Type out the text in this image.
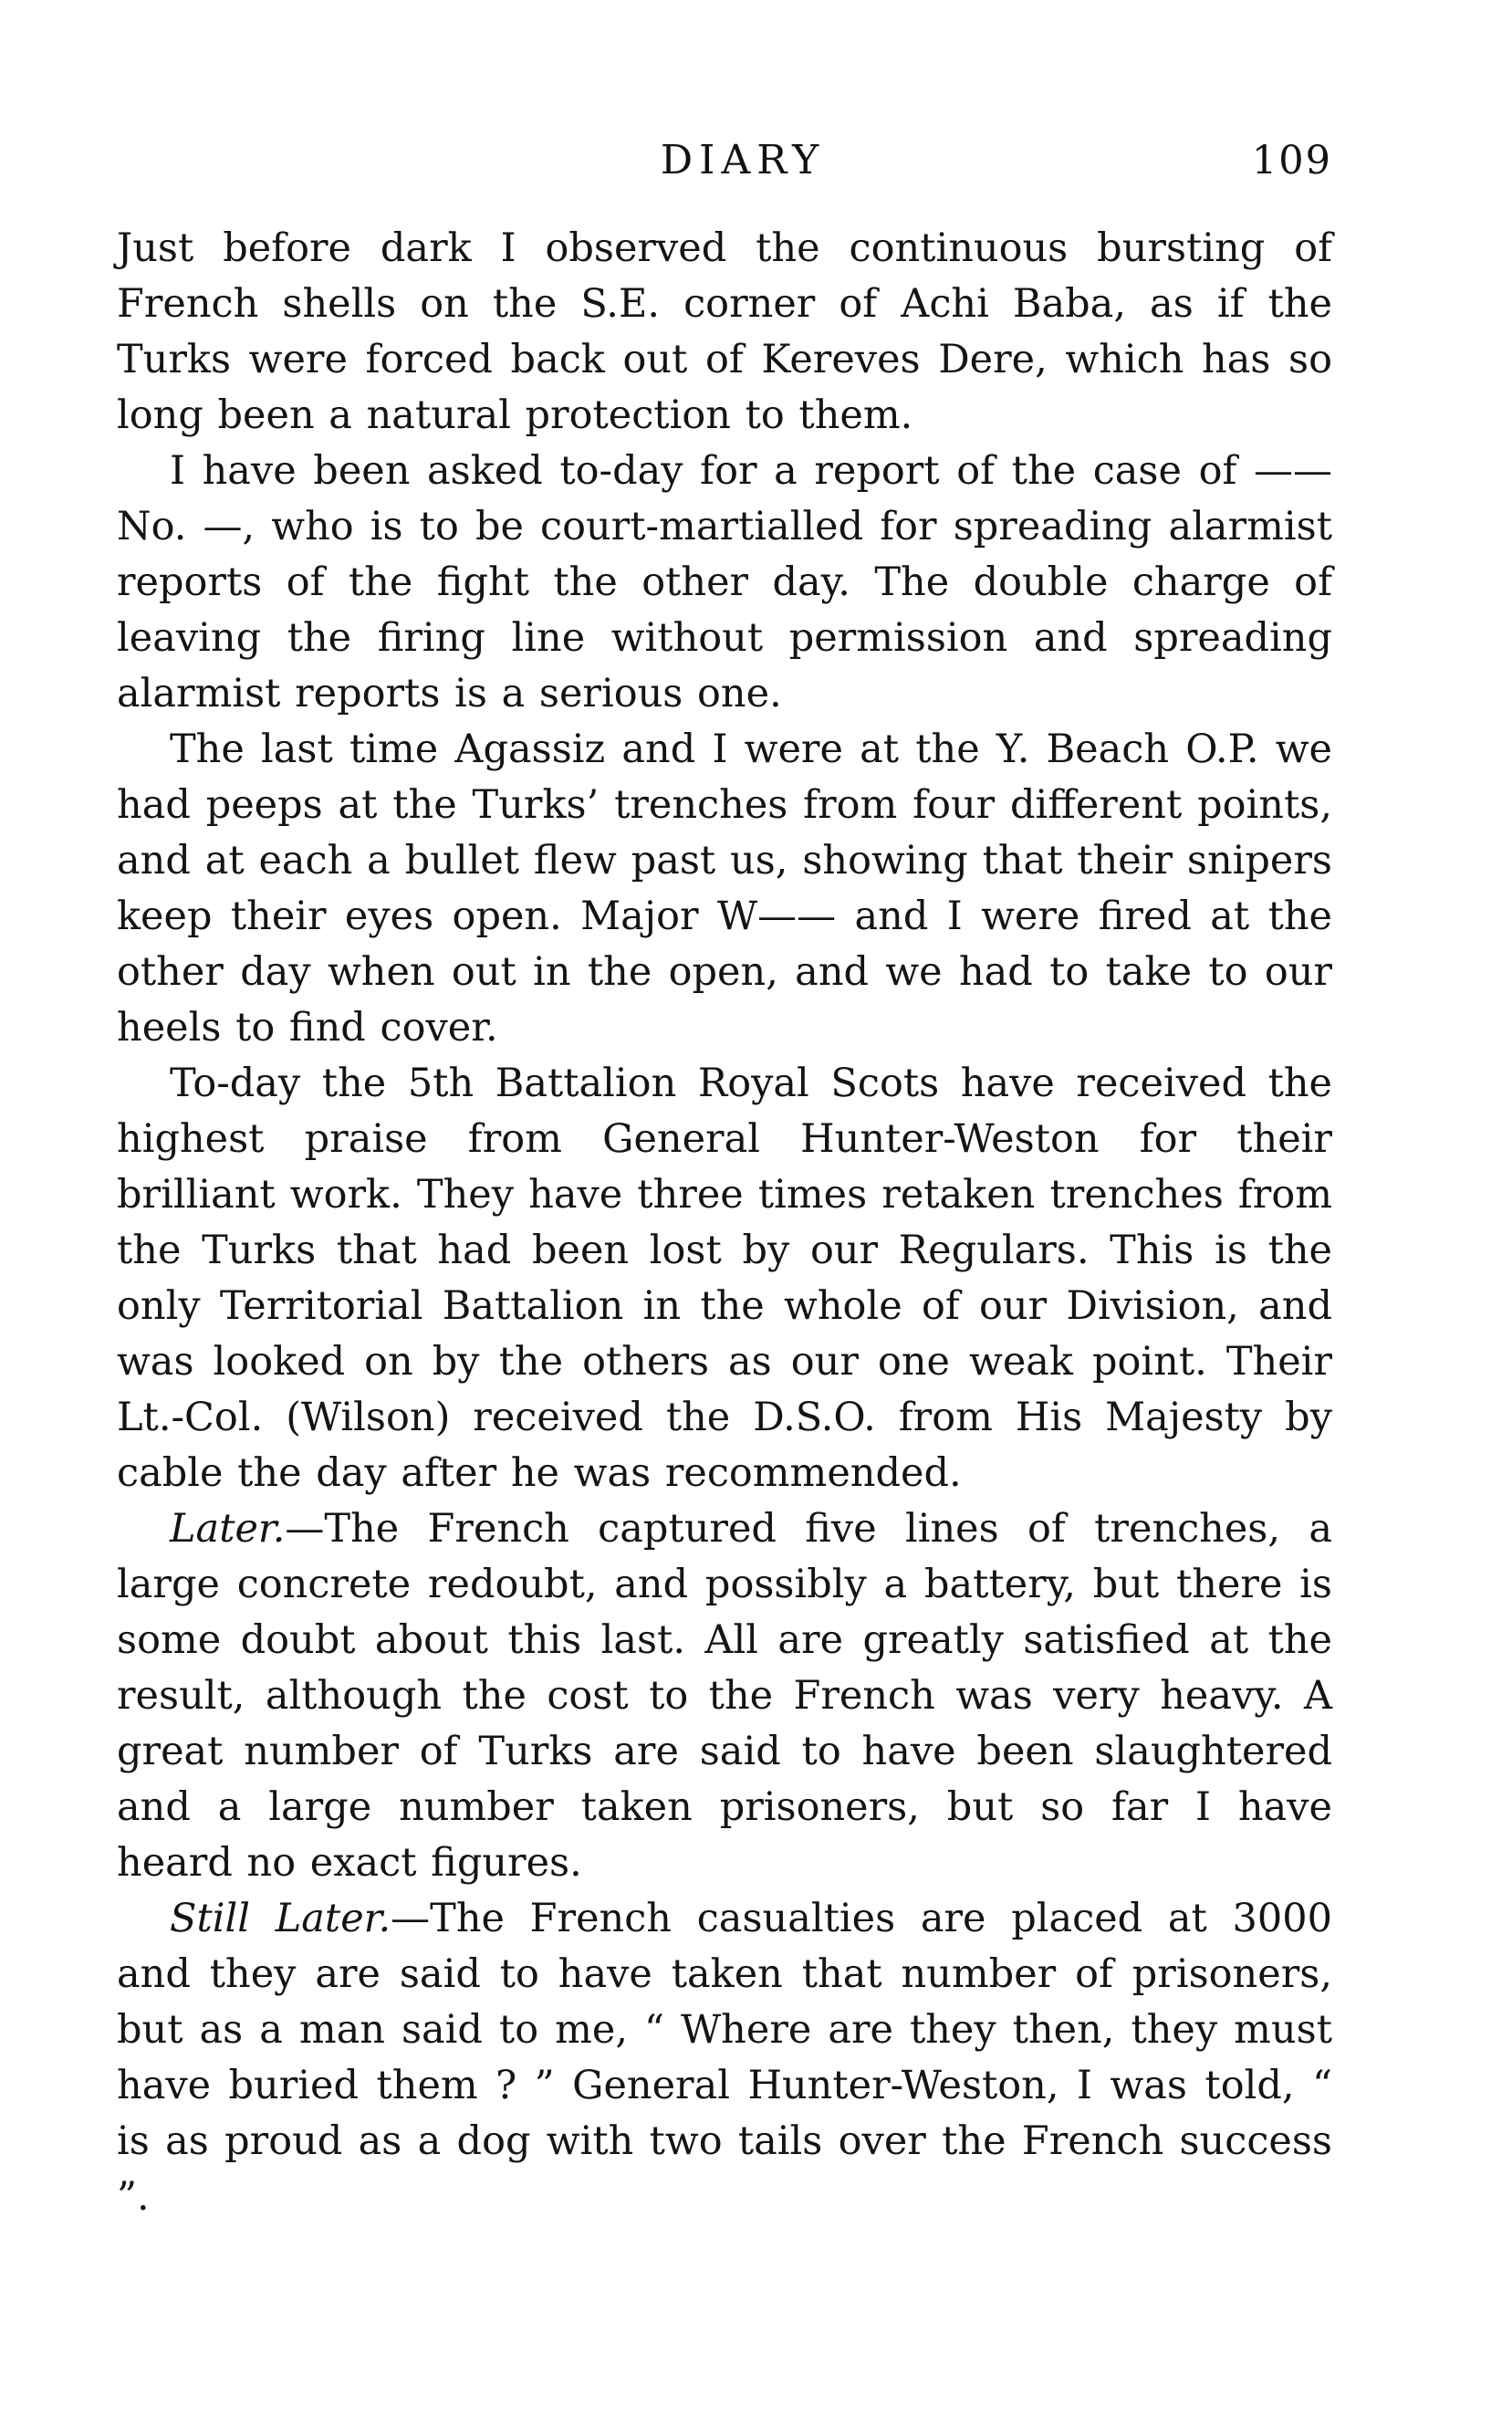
DIARY	109

Just before dark I observed the continuous bursting of French shells on the S.E. corner of Achi Baba, as if the Turks were forced back out of Kereves Dere, which has so long been a natural protection to them.

I have been asked to-day for a report of the case of —— No. —, who is to be court-martialled for spreading alarmist reports of the fight the other day. The double charge of leaving the firing line without permission and spreading alarmist reports is a serious one.

The last time Agassiz and I were at the Y. Beach O.P. we had peeps at the Turks’ trenches from four different points, and at each a bullet flew past us, showing that their snipers keep their eyes open. Major W—— and I were fired at the other day when out in the open, and we had to take to our heels to find cover.

To-day the 5th Battalion Royal Scots have received the highest praise from General Hunter-Weston for their brilliant work. They have three times retaken trenches from the Turks that had been lost by our Regulars. This is the only Territorial Battalion in the whole of our Division, and was looked on by the others as our one weak point. Their Lt.-Col. (Wilson) received the D.S.O. from His Majesty by cable the day after he was recommended.

Later.—The French captured five lines of trenches, a large concrete redoubt, and possibly a battery, but there is some doubt about this last. All are greatly satisfied at the result, although the cost to the French was very heavy. A great number of Turks are said to have been slaughtered and a large number taken prisoners, but so far I have heard no exact figures.

Still Later.—The French casualties are placed at 3000 and they are said to have taken that number of prisoners, but as a man said to me, “ Where are they then, they must have buried them ? ” General Hunter-Weston, I was told, “ is as proud as a dog with two tails over the French success ”.
